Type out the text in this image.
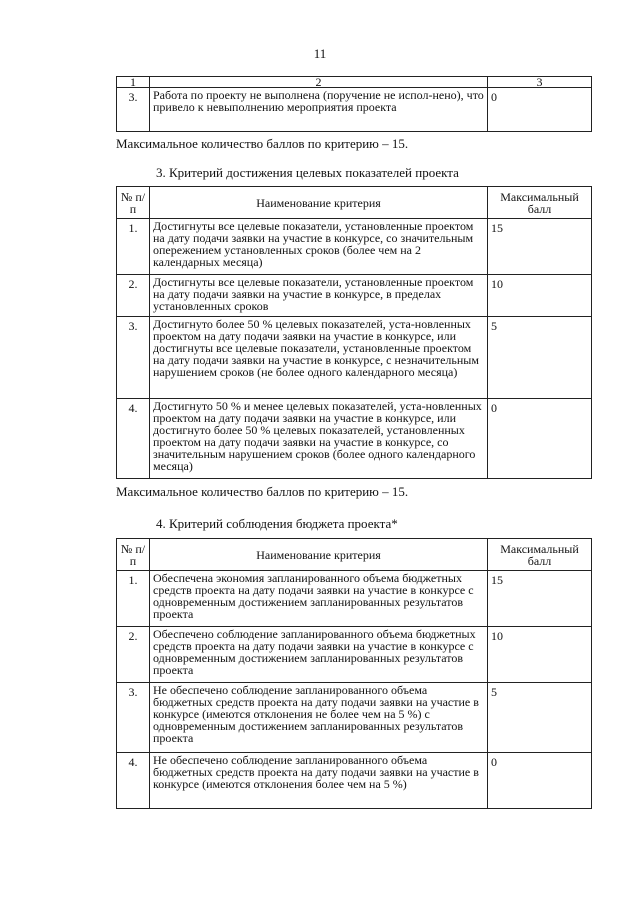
11
1	2	3
3.	Работа по проекту не выполнена (поручение не испол-нено), что привело к невыполнению мероприятия проекта	0
Максимальное количество баллов по критерию – 15.
3. Критерий достижения целевых показателей проекта
№ п/п	Наименование критерия	Максимальный балл
1.	Достигнуты все целевые показатели, установленные проектом на дату подачи заявки на участие в конкурсе, со значительным опережением установленных сроков (более чем на 2 календарных месяца)	15
2.	Достигнуты все целевые показатели, установленные проектом на дату подачи заявки на участие в конкурсе, в пределах установленных сроков	10
3.	Достигнуто более 50 % целевых показателей, уста-новленных проектом на дату подачи заявки на участие в конкурсе, или достигнуты все целевые показатели, установленные проектом на дату подачи заявки на участие в конкурсе, с незначительным нарушением сроков (не более одного календарного месяца)	5
4.	Достигнуто 50 % и менее целевых показателей, уста-новленных проектом на дату подачи заявки на участие в конкурсе, или достигнуто более 50 % целевых показателей, установленных проектом на дату подачи заявки на участие в конкурсе, со значительным нарушением сроков (более одного календарного месяца)	0
Максимальное количество баллов по критерию – 15.
4. Критерий соблюдения бюджета проекта*
№ п/п	Наименование критерия	Максимальный балл
1.	Обеспечена экономия запланированного объема бюджетных средств проекта на дату подачи заявки на участие в конкурсе с одновременным достижением запланированных результатов проекта	15
2.	Обеспечено соблюдение запланированного объема бюджетных средств проекта на дату подачи заявки на участие в конкурсе с одновременным достижением запланированных результатов проекта	10
3.	Не обеспечено соблюдение запланированного объема бюджетных средств проекта на дату подачи заявки на участие в конкурсе (имеются отклонения не более чем на 5 %) с одновременным достижением запланированных результатов проекта	5
4.	Не обеспечено соблюдение запланированного объема бюджетных средств проекта на дату подачи заявки на участие в конкурсе (имеются отклонения более чем на 5 %)	0
